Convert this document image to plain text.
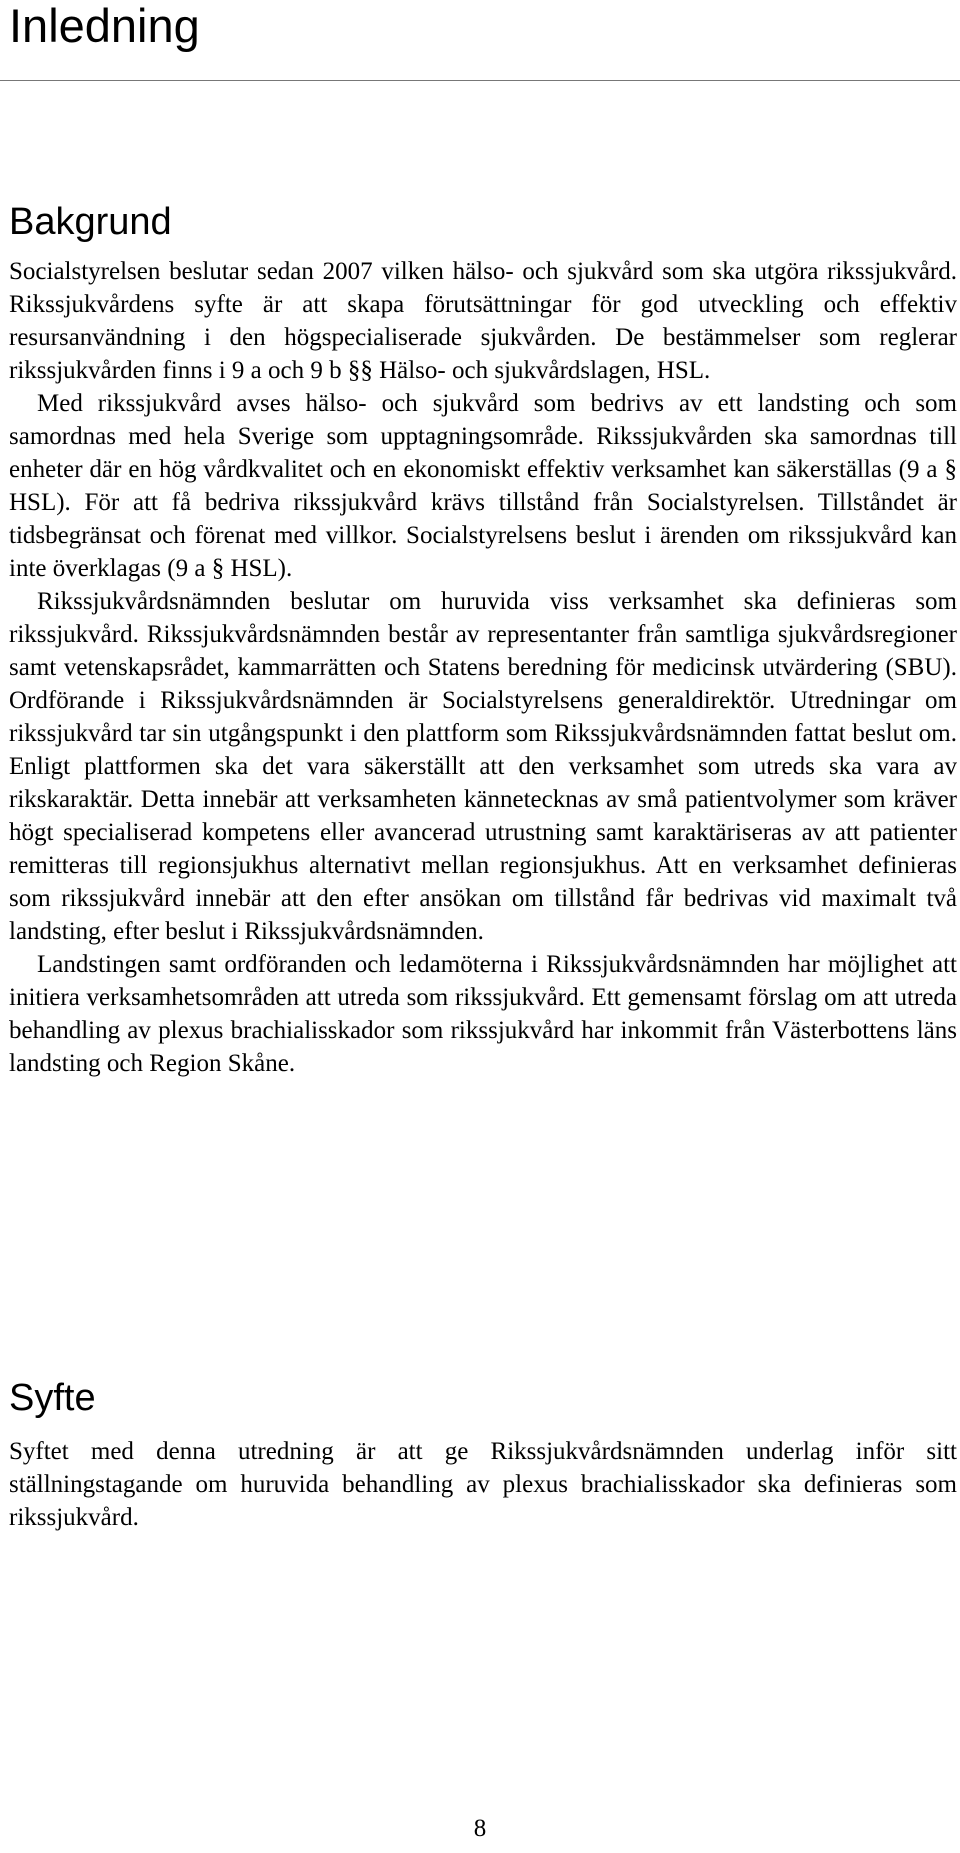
Inledning
Bakgrund

Socialstyrelsen beslutar sedan 2007 vilken hälso- och sjukvård som ska utgöra rikssjukvård. Rikssjukvårdens syfte är att skapa förutsättningar för god utveckling och effektiv resursanvändning i den högspecialiserade sjukvården. De bestämmelser som reglerar rikssjukvården finns i 9 a och 9 b §§ Hälso- och sjukvårdslagen, HSL.

Med rikssjukvård avses hälso- och sjukvård som bedrivs av ett landsting och som samordnas med hela Sverige som upptagningsområde. Rikssjukvården ska samordnas till enheter där en hög vårdkvalitet och en ekonomiskt effektiv verksamhet kan säkerställas (9 a § HSL). För att få bedriva rikssjukvård krävs tillstånd från Socialstyrelsen. Tillståndet är tidsbegränsat och förenat med villkor. Socialstyrelsens beslut i ärenden om rikssjukvård kan inte överklagas (9 a § HSL).

Rikssjukvårdsnämnden beslutar om huruvida viss verksamhet ska definieras som rikssjukvård. Rikssjukvårdsnämnden består av representanter från samtliga sjukvårdsregioner samt vetenskapsrådet, kammarrätten och Statens beredning för medicinsk utvärdering (SBU). Ordförande i Rikssjukvårdsnämnden är Socialstyrelsens generaldirektör. Utredningar om rikssjukvård tar sin utgångspunkt i den plattform som Rikssjukvårdsnämnden fattat beslut om. Enligt plattformen ska det vara säkerställt att den verksamhet som utreds ska vara av rikskaraktär. Detta innebär att verksamheten kännetecknas av små patientvolymer som kräver högt specialiserad kompetens eller avancerad utrustning samt karaktäriseras av att patienter remitteras till regionsjukhus alternativt mellan regionsjukhus. Att en verksamhet definieras som rikssjukvård innebär att den efter ansökan om tillstånd får bedrivas vid maximalt två landsting, efter beslut i Rikssjukvårdsnämnden.

Landstingen samt ordföranden och ledamöterna i Rikssjukvårdsnämnden har möjlighet att initiera verksamhetsområden att utreda som rikssjukvård. Ett gemensamt förslag om att utreda behandling av plexus brachialisskador som rikssjukvård har inkommit från Västerbottens läns landsting och Region Skåne.

Syfte

Syftet med denna utredning är att ge Rikssjukvårdsnämnden underlag inför sitt ställningstagande om huruvida behandling av plexus brachialisskador ska definieras som rikssjukvård.

8
